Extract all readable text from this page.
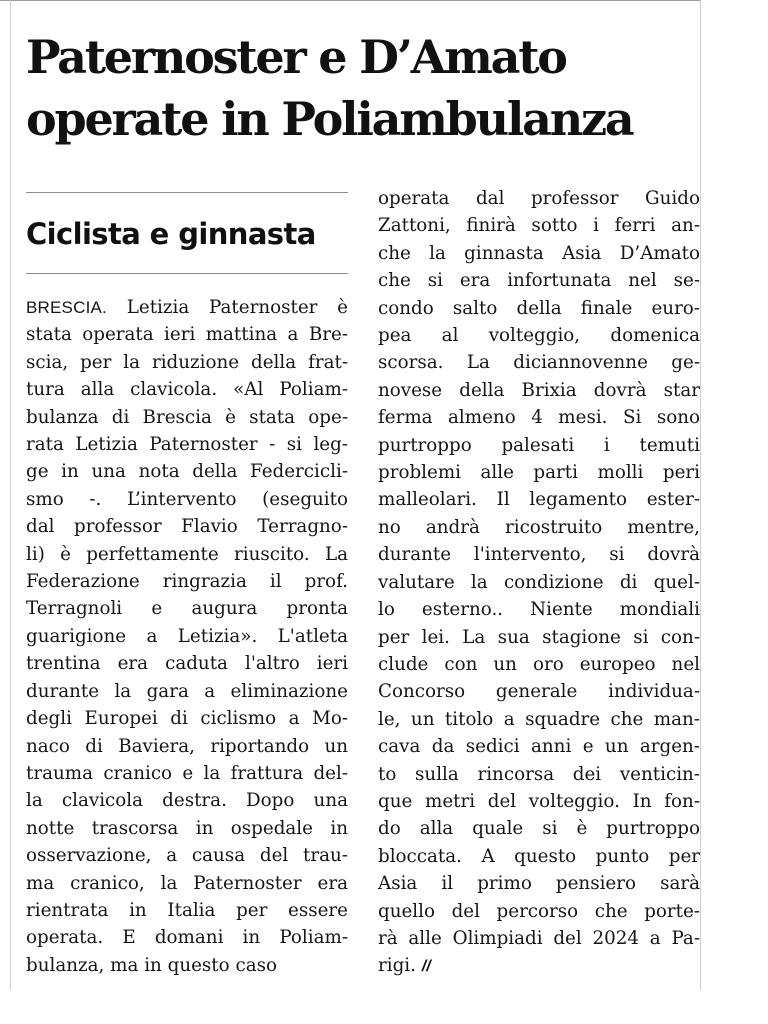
Paternoster e D’Amato
operate in Poliambulanza
Ciclista e ginnasta
BRESCIA. Letizia Paternoster è
stata operata ieri mattina a Bre-
scia, per la riduzione della frat-
tura alla clavicola. «Al Poliam-
bulanza di Brescia è stata ope-
rata Letizia Paternoster - si leg-
ge in una nota della Federcicli-
smo -. L’intervento (eseguito
dal professor Flavio Terragno-
li) è perfettamente riuscito. La
Federazione ringrazia il prof.
Terragnoli e augura pronta
guarigione a Letizia». L'atleta
trentina era caduta l'altro ieri
durante la gara a eliminazione
degli Europei di ciclismo a Mo-
naco di Baviera, riportando un
trauma cranico e la frattura del-
la clavicola destra. Dopo una
notte trascorsa in ospedale in
osservazione, a causa del trau-
ma cranico, la Paternoster era
rientrata in Italia per essere
operata. E domani in Poliam-
bulanza, ma in questo caso
operata dal professor Guido
Zattoni, finirà sotto i ferri an-
che la ginnasta Asia D’Amato
che si era infortunata nel se-
condo salto della finale euro-
pea al volteggio, domenica
scorsa. La diciannovenne ge-
novese della Brixia dovrà star
ferma almeno 4 mesi. Si sono
purtroppo palesati i temuti
problemi alle parti molli peri
malleolari. Il legamento ester-
no andrà ricostruito mentre,
durante l'intervento, si dovrà
valutare la condizione di quel-
lo esterno.. Niente mondiali
per lei. La sua stagione si con-
clude con un oro europeo nel
Concorso generale individua-
le, un titolo a squadre che man-
cava da sedici anni e un argen-
to sulla rincorsa dei venticin-
que metri del volteggio. In fon-
do alla quale si è purtroppo
bloccata. A questo punto per
Asia il primo pensiero sarà
quello del percorso che porte-
rà alle Olimpiadi del 2024 a Pa-
rigi. //
